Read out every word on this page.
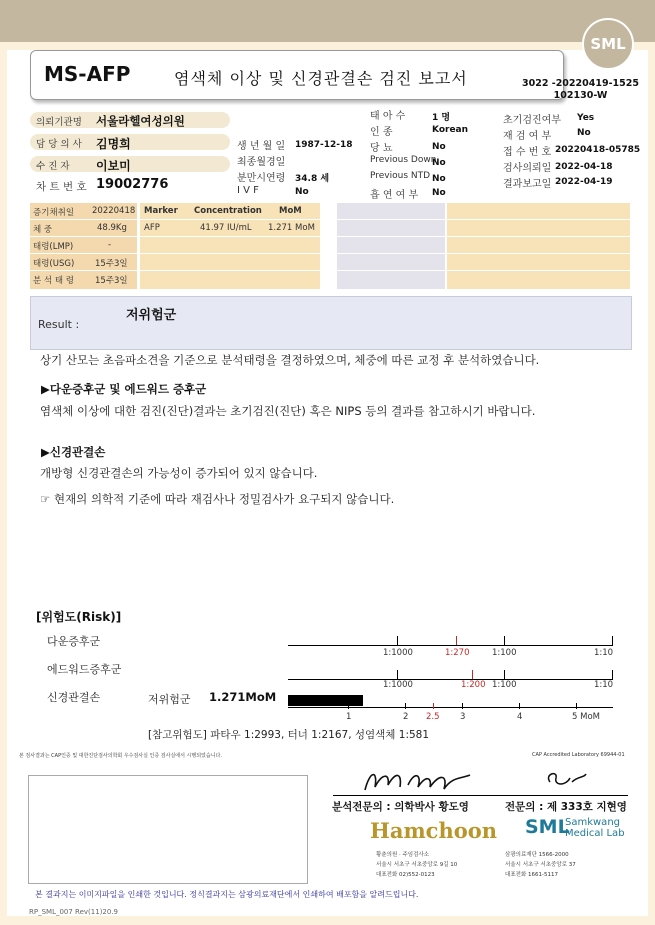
SML
MS-AFP	염색체 이상 및 신경관결손 검진 보고서	3022 -20220419-1525
102130-W
의뢰기관명 서울라헬여성의원
담 당 의 사 김명희
수 진 자 이보미
차 트 번 호 19002776
생 년 월 일 1987-12-18
최종월경일
분만시연령 34.8 세
I V F	No
태 아 수	1 명
인 종	Korean
당 뇨	No
Previous Down
No
Previous NTD No
흡 연 여 부 No
초기검진여부 Yes
재 검 여 부	No
접 수 번 호 20220418-05785
검사의뢰일 2022-04-18
결과보고일 2022-04-19
증기채취일 20220418
체 중	48.9Kg
태령(LMP)	-
태령(USG) 15주3일
분 석 태 령 15주3일
Marker Concentration MoM
AFP	41.97 IU/mL 1.271 MoM
Result :
저위험군
상기 산모는 초음파소견을 기준으로 분석태령을 결정하였으며, 체중에 따른 교정 후 분석하였습니다.
▶다운증후군 및 에드워드 증후군
염색체 이상에 대한 검진(진단)결과는 초기검진(진단) 혹은 NIPS 등의 결과를 참고하시기 바랍니다.
▶신경관결손
개방형 신경관결손의 가능성이 증가되어 있지 않습니다.
☞ 현재의 의학적 기준에 따라 재검사나 정밀검사가 요구되지 않습니다.
[위험도(Risk)]
다운증후군
에드워드증후군
신경관결손	저위험군 1.271MoM
1:1000	1:270	1:100	1:10
1:1000	1:200 1:100	1:10
1	2 2.5 3	4	5 MoM
[참고위험도] 파타우 1:2993, 터너 1:2167, 성염색체 1:581
본 검사결과는 CAP인증 및 대한진단검사의학회 우수검사실 인증 검사실에서 시행되었습니다.	CAP Accredited Laboratory 69944-01
분석전문의 : 의학박사 황도영	전문의 : 제 333호 지현영
Hamchoon
황춘의원 · 주임검사소
서울시 서초구 서초중앙로 9길 10
대표전화 02)552-0123
SML
Samkwang
Medical Lab
삼광의료재단 1566-2000
서울시 서초구 서초중앙로 37
대표전화 1661-5117
본 결과지는 이미지파일을 인쇄한 것입니다. 정식결과지는 삼광의료재단에서 인쇄하여 배포함을 알려드립니다.
RP_SML_007 Rev(11)20.9
